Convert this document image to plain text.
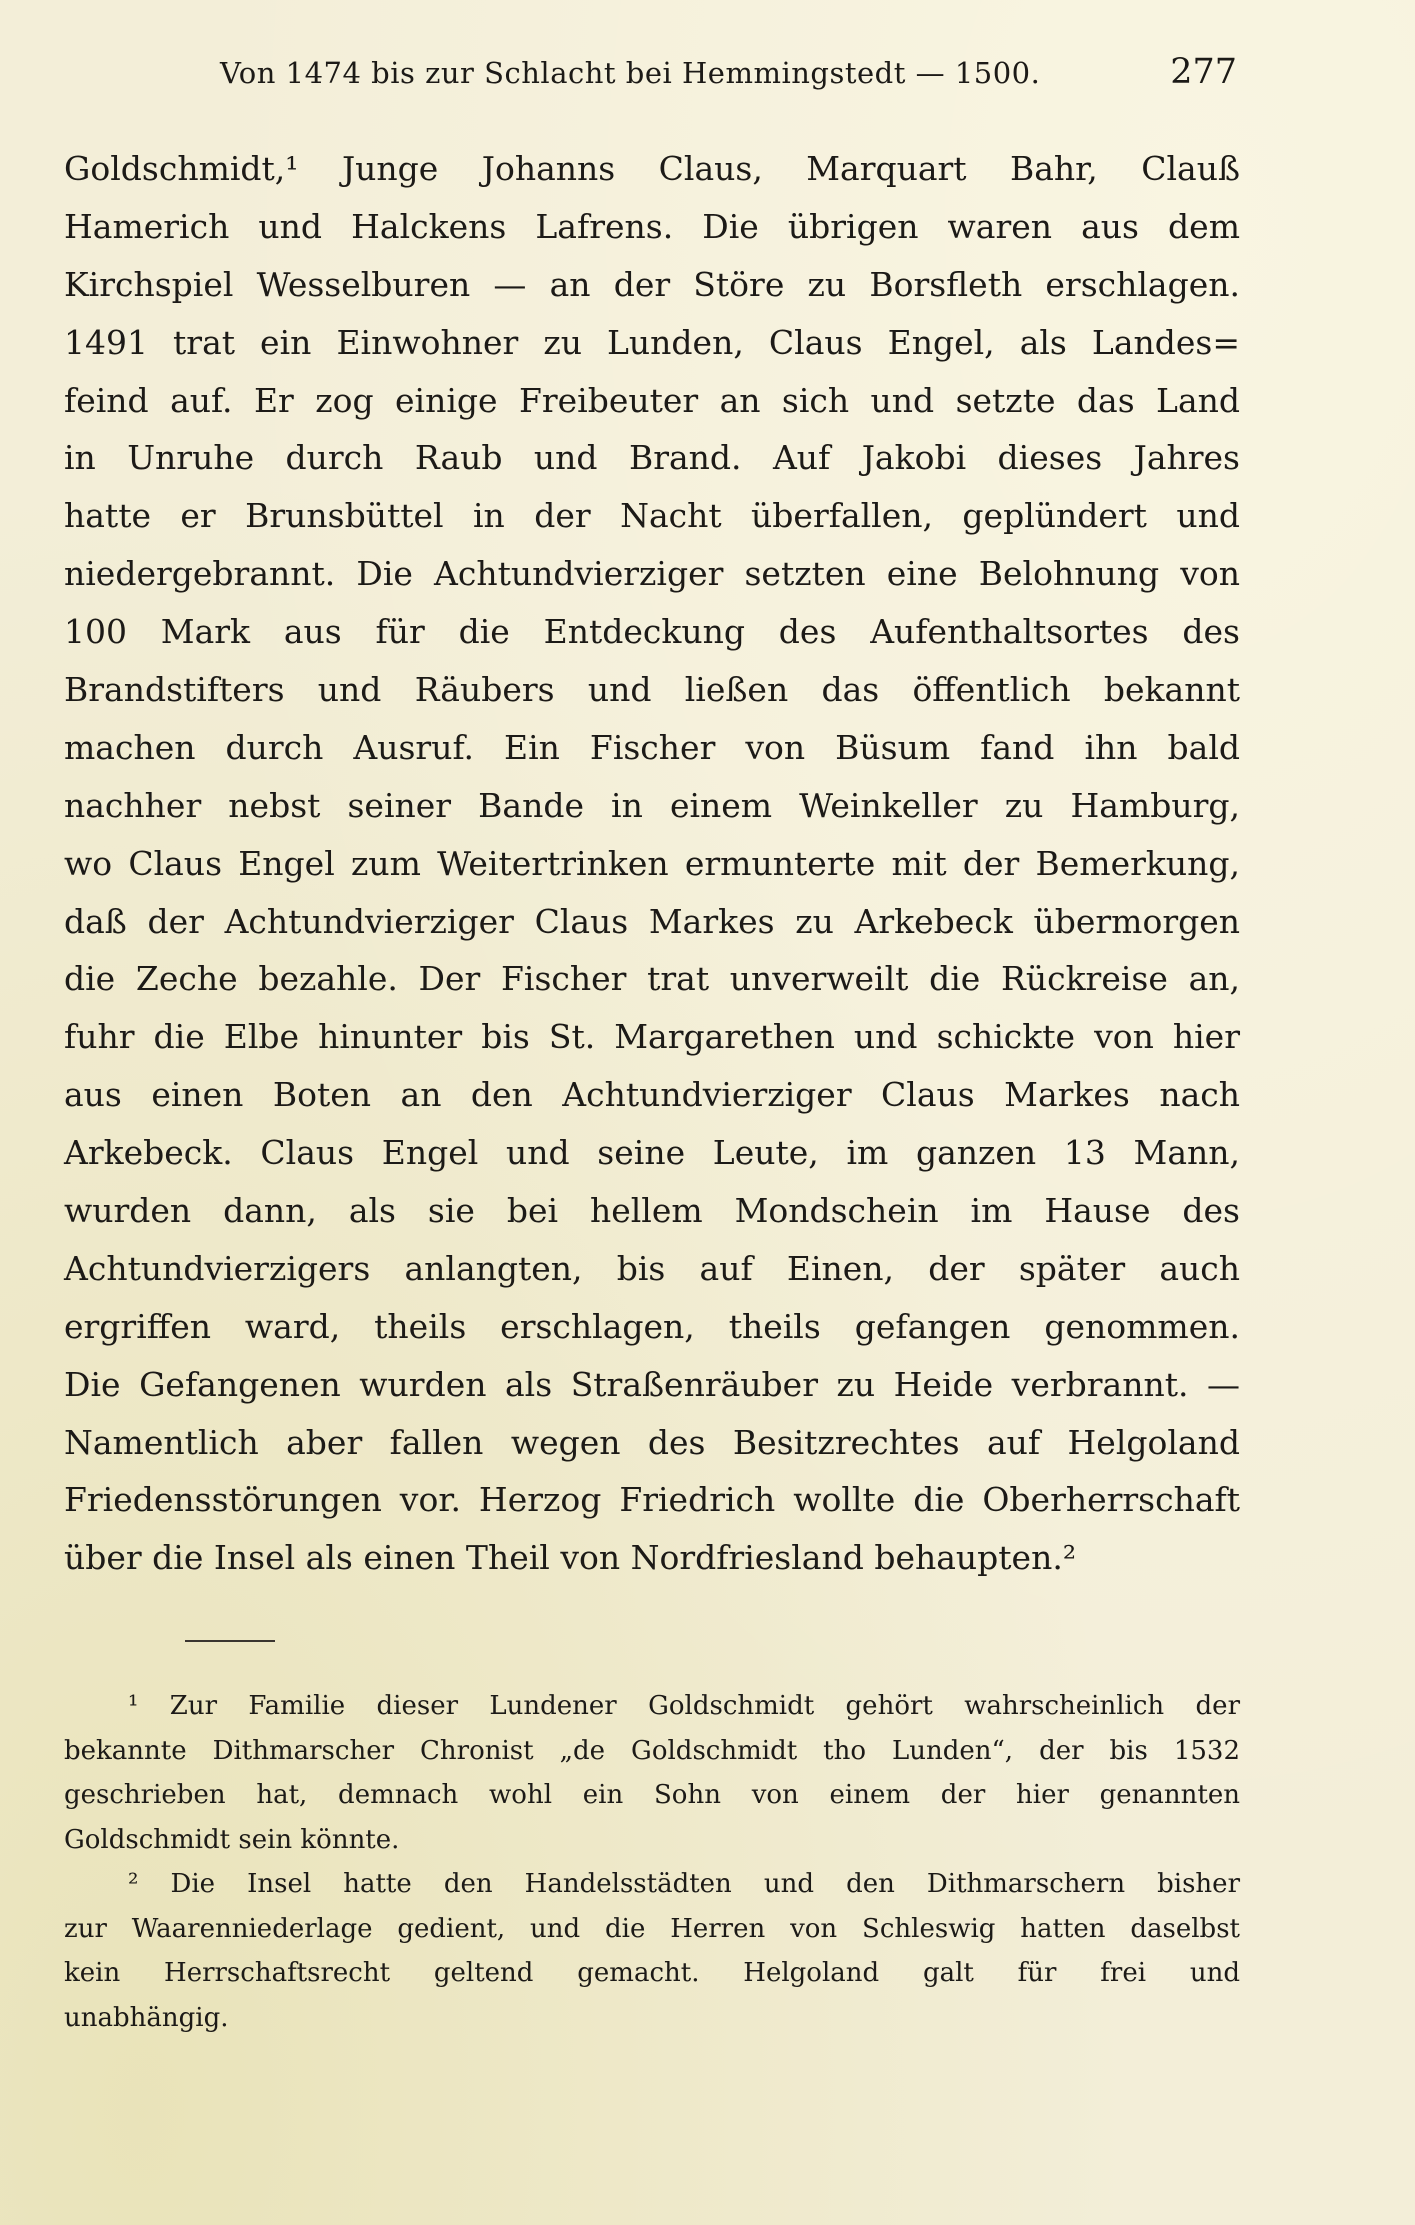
Von 1474 bis zur Schlacht bei Hemmingstedt — 1500.	277
Goldschmidt,¹ Junge Johanns Claus, Marquart Bahr, Clauß
Hamerich und Halckens Lafrens. Die übrigen waren aus dem
Kirchspiel Wesselburen — an der Störe zu Borsfleth erschlagen.
1491 trat ein Einwohner zu Lunden, Claus Engel, als Landes=
feind auf. Er zog einige Freibeuter an sich und setzte das Land
in Unruhe durch Raub und Brand. Auf Jakobi dieses Jahres
hatte er Brunsbüttel in der Nacht überfallen, geplündert und
niedergebrannt. Die Achtundvierziger setzten eine Belohnung von
100 Mark aus für die Entdeckung des Aufenthaltsortes des
Brandstifters und Räubers und ließen das öffentlich bekannt
machen durch Ausruf. Ein Fischer von Büsum fand ihn bald
nachher nebst seiner Bande in einem Weinkeller zu Hamburg,
wo Claus Engel zum Weitertrinken ermunterte mit der Bemerkung,
daß der Achtundvierziger Claus Markes zu Arkebeck übermorgen
die Zeche bezahle. Der Fischer trat unverweilt die Rückreise an,
fuhr die Elbe hinunter bis St. Margarethen und schickte von hier
aus einen Boten an den Achtundvierziger Claus Markes nach
Arkebeck. Claus Engel und seine Leute, im ganzen 13 Mann,
wurden dann, als sie bei hellem Mondschein im Hause des
Achtundvierzigers anlangten, bis auf Einen, der später auch
ergriffen ward, theils erschlagen, theils gefangen genommen.
Die Gefangenen wurden als Straßenräuber zu Heide verbrannt. —
Namentlich aber fallen wegen des Besitzrechtes auf Helgoland
Friedensstörungen vor. Herzog Friedrich wollte die Oberherrschaft
über die Insel als einen Theil von Nordfriesland behaupten.²
¹ Zur Familie dieser Lundener Goldschmidt gehört wahrscheinlich der
bekannte Dithmarscher Chronist „de Goldschmidt tho Lunden“, der bis 1532
geschrieben hat, demnach wohl ein Sohn von einem der hier genannten
Goldschmidt sein könnte.
² Die Insel hatte den Handelsstädten und den Dithmarschern bisher
zur Waarenniederlage gedient, und die Herren von Schleswig hatten daselbst
kein Herrschaftsrecht geltend gemacht. Helgoland galt für frei und
unabhängig.
